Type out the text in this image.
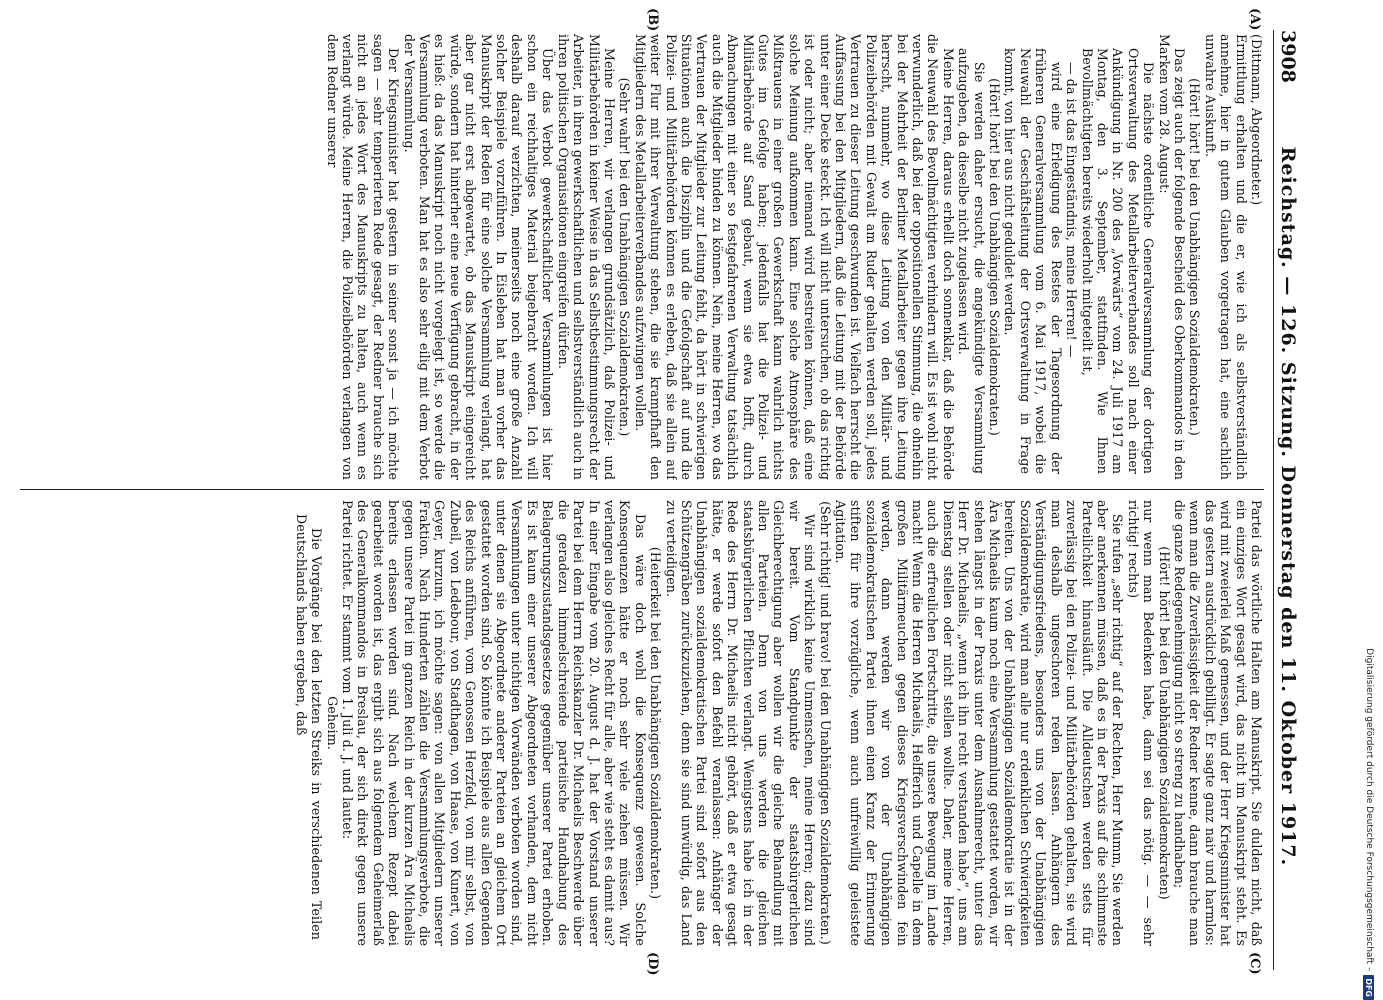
3908
Reichstag. — 126. Sitzung. Donnerstag den 11. Oktober 1917.

(Dittmann, Abgeordneter.)

Ermittlung erhalten und die er, wie ich als selbstverständlich annehme, hier in gutem Glauben vorgetragen hat, eine sachlich unwahre Auskunft.

(Hört! hört! bei den Unabhängigen Sozialdemokraten.)

Das zeigt auch der folgende Bescheid des Oberkommandos in den Marken vom 28. August:

Die nächste ordentliche Generalversammlung der dortigen Ortsverwaltung des Metallarbeiterverbandes soll nach einer Ankündigung in Nr. 200 des „Vorwärts“ vom 24. Juli 1917 am Montag, den 3. September, stattfinden. Wie Ihnen Bevollmächtigten bereits wiederholt mitgeteilt ist,

— da ist das Eingeständnis, meine Herren! —

wird eine Erledigung des Restes der Tagesordnung der früheren Generalversammlung vom 6. Mai 1917, wobei die Neuwahl der Geschäftsleitung der Ortsverwaltung in Frage kommt, von hier aus nicht geduldet werden.

(Hört! hört! bei den Unabhängigen Sozialdemokraten.)

Sie werden daher ersucht, die angekündigte Versammlung aufzugeben, da dieselbe nicht zugelassen wird.

Meine Herren, daraus erhellt doch sonnenklar, daß die Behörde die Neuwahl des Bevollmächtigten verhindern will. Es ist wohl nicht verwunderlich, daß bei der oppositionellen Stimmung, die ohnehin bei der Mehrheit der Berliner Metallarbeiter gegen ihre Leitung herrscht, nunmehr, wo diese Leitung von den Militär- und Polizeibehörden mit Gewalt am Ruder gehalten werden soll, jedes Vertrauen zu dieser Leitung geschwunden ist. Vielfach herrscht die Auffassung bei den Mitgliedern, daß die Leitung mit der Behörde unter einer Decke steckt. Ich will nicht untersuchen, ob das richtig ist oder nicht; aber niemand wird bestreiten können, daß eine solche Meinung aufkommen kann. Eine solche Atmosphäre des Mißtrauens in einer großen Gewerkschaft kann wahrlich nichts Gutes im Gefolge haben; jedenfalls hat die Polizei- und Militärbehörde auf Sand gebaut, wenn sie etwa hofft, durch Abmachungen mit einer so festgefahrenen Verwaltung tatsächlich auch die Mitglieder binden zu können. Nein, meine Herren, wo das Vertrauen der Mitglieder zur Leitung fehlt, da hört in schwierigen Situationen auch die Disziplin und die Gefolgschaft auf und die Polizei- und Militärbehörden können es erleben, daß sie allein auf weiter Flur mit ihrer Verwaltung stehen, die sie krampfhaft den Mitgliedern des Metallarbeiterverbandes aufzwingen wollen.

(Sehr wahr! bei den Unabhängigen Sozialdemokraten.)

Meine Herren, wir verlangen grundsätzlich, daß Polizei- und Militärbehörden in keiner Weise in das Selbstbestimmungsrecht der Arbeiter, in ihren gewerkschaftlichen und selbstverständlich auch in ihren politischen Organisationen eingreifen dürfen.

Über das Verbot gewerkschaftlicher Versammlungen ist hier schon ein reichhaltiges Material beigebracht worden. Ich will deshalb darauf verzichten, meinerseits noch eine große Anzahl solcher Beispiele vorzuführen. In Eisleben hat man vorher das Manuskript der Reden für eine solche Versammlung verlangt, hat aber gar nicht erst abgewartet, ob das Manuskript eingereicht würde, sondern hat hinterher eine neue Verfügung gebracht, in der es hieß: da das Manuskript noch nicht vorgelegt ist, so werde die Versammlung verboten. Man hat es also sehr eilig mit dem Verbot der Versammlung.

Der Kriegsminister hat gestern in seiner sonst ja — ich möchte sagen — sehr temperierten Rede gesagt, der Redner brauche sich nicht an jedes Wort des Manuskripts zu halten, auch wenn es verlangt würde. Meine Herren, die Polizeibehörden verlangen von dem Redner unserer

Partei das wörtliche Halten am Manuskript. Sie dulden nicht, daß ein einziges Wort gesagt wird, das nicht im Manuskript steht. Es wird mit zweierlei Maß gemessen, und der Herr Kriegsminister hat das gestern ausdrücklich gebilligt. Er sagte ganz naiv und harmlos: wenn man die Zuverlässigkeit der Redner kenne, dann brauche man die ganze Redegenehmigung nicht so streng zu handhaben;

(Hört! hört! bei den Unabhängigen Sozialdemokraten)

nur wenn man Bedenken habe, dann sei das nötig. — — sehr richtig! rechts)

Sie rufen „sehr richtig“ auf der Rechten, Herr Mumm, Sie werden aber anerkennen müssen, daß es in der Praxis auf die schlimmste Parteilichkeit hinausläuft. Die Alldeutschen werden stets für zuverlässig bei den Polizei- und Militärbehörden gehalten, sie wird man deshalb ungeschoren reden lassen. Anhängern des Verständigungsfriedens, besonders uns von der Unabhängigen Sozialdemokratie, wird man alle nur erdenklichen Schwierigkeiten bereiten. Uns von der Unabhängigen Sozialdemokratie ist in der Ära Michaelis kaum noch eine Versammlung gestattet worden, wir stehen längst in der Praxis unter dem Ausnahmerecht, unter das Herr Dr. Michaelis, „wenn ich ihn recht verstanden habe“, uns am Dienstag stellen oder nicht stellen wollte. Daher, meine Herren, auch die erfreulichen Fortschritte, die unsere Bewegung im Lande macht! Wenn die Herren Michaelis, Helfferich und Capelle in dem großen Militärmeuchen gegen dieses Kriegsverschwinden fein werden, dann werden wir von der Unabhängigen sozialdemokratischen Partei ihnen einen Kranz der Erinnerung stiften für ihre vorzügliche, wenn auch unfreiwillig geleistete Agitation.

(Sehr richtig! und bravo! bei den Unabhängigen Sozialdemokraten.)

Wir sind wirklich keine Unmenschen, meine Herren; dazu sind wir bereit. Vom Standpunkte der staatsbürgerlichen Gleichberechtigung aber wollen wir die gleiche Behandlung mit allen Parteien. Denn von uns werden die gleichen staatsbürgerlichen Pflichten verlangt. Wenigstens habe ich in der Rede des Herrn Dr. Michaelis nicht gehört, daß er etwa gesagt hätte, er werde sofort den Befehl veranlassen: Anhänger der Unabhängigen sozialdemokratischen Partei sind sofort aus den Schützengräben zurückzuziehen, denn sie sind unwürdig, das Land zu verteidigen.

(Heiterkeit bei den Unabhängigen Sozialdemokraten.)

Das wäre doch wohl die Konsequenz gewesen. Solche Konsequenzen hätte er noch sehr viele ziehen müssen. Wir verlangen also gleiches Recht für alle, aber wie steht es damit aus? In einer Eingabe vom 20. August d. J. hat der Vorstand unserer Partei bei dem Herrn Reichskanzler Dr. Michaelis Beschwerde über die geradezu himmelschreiende parteiische Handhabung des Belagerungszustandsgesetzes gegenüber unserer Partei erhoben. Es ist kaum einer unserer Abgeordneten vorhanden, dem nicht Versammlungen unter nichtigen Vorwänden verboten worden sind, unter denen sie Abgeordnete anderer Parteien an gleichem Ort gestattet worden sind. So könnte ich Beispiele aus allen Gegenden des Reichs anführen, vom Genossen Herzfeld, von mir selbst, von Zubeil, von Ledebour, von Stadthagen, von Haase, von Kunert, von Geyer, kurzum, ich möchte sagen: von allen Mitgliedern unserer Fraktion. Nach Hunderten zählen die Versammlungsverbote, die gegen unsere Partei im ganzen Reich in der kurzen Ära Michaelis bereits erlassen worden sind. Nach welchem Rezept dabei gearbeitet worden ist, das ergibt sich aus folgendem Geheimerlaß des Generalkommandos in Breslau, der sich direkt gegen unsere Partei richtet. Er stammt vom 1. Juli d. J. und lautet:

Geheim.

Die Vorgänge bei den letzten Streiks in verschiedenen Teilen Deutschlands haben ergeben, daß

(A)
(B)
(C)
(D)	Digitalisierung gefördert durch die Deutsche Forschungsgemeinschaft –
DFG
